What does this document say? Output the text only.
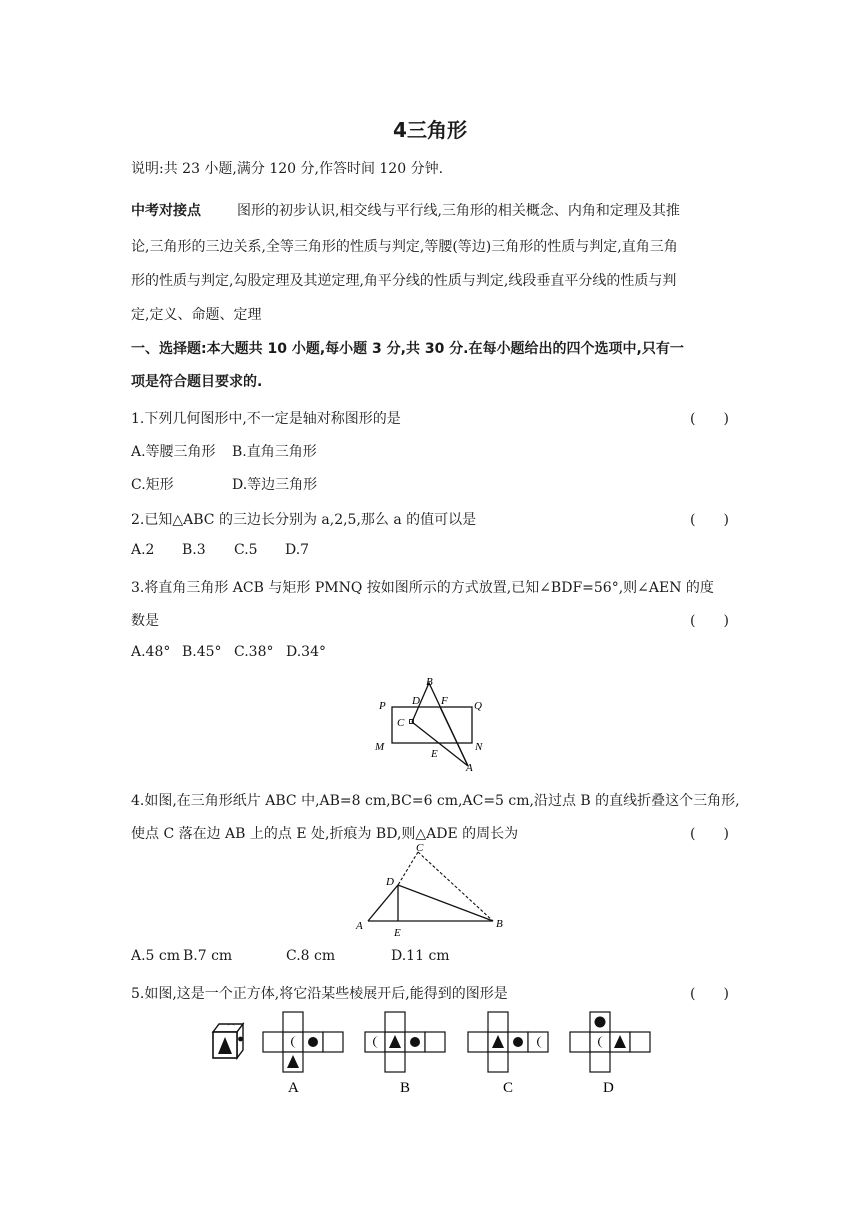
4三角形
说明:共 23 小题,满分 120 分,作答时间 120 分钟.
中考对接点	图形的初步认识,相交线与平行线,三角形的相关概念、内角和定理及其推
论,三角形的三边关系,全等三角形的性质与判定,等腰(等边)三角形的性质与判定,直角三角
形的性质与判定,勾股定理及其逆定理,角平分线的性质与判定,线段垂直平分线的性质与判
定,定义、命题、定理
一、选择题:本大题共 10 小题,每小题 3 分,共 30 分.在每小题给出的四个选项中,只有一
项是符合题目要求的.
1.下列几何图形中,不一定是轴对称图形的是	(　　)
A.等腰三角形 B.直角三角形
C.矩形	D.等边三角形
2.已知△ABC 的三边长分别为 a,2,5,那么 a 的值可以是	(　　)
A.2 B.3 C.5 D.7
3.将直角三角形 ACB 与矩形 PMNQ 按如图所示的方式放置,已知∠BDF=56°,则∠AEN 的度
数是	(　　)
A.48° B.45° C.38° D.34°
B
D F
P	Q
C
M
E
N
A
4.如图,在三角形纸片 ABC 中,AB=8 cm,BC=6 cm,AC=5 cm,沿过点 B 的直线折叠这个三角形,
使点 C 落在边 AB 上的点 E 处,折痕为 BD,则△ADE 的周长为	(　　)
C
D
A
E
B
A.5 cm B.7 cm	C.8 cm	D.11 cm
5.如图,这是一个正方体,将它沿某些棱展开后,能得到的图形是	(　　)
A	B	C	D
